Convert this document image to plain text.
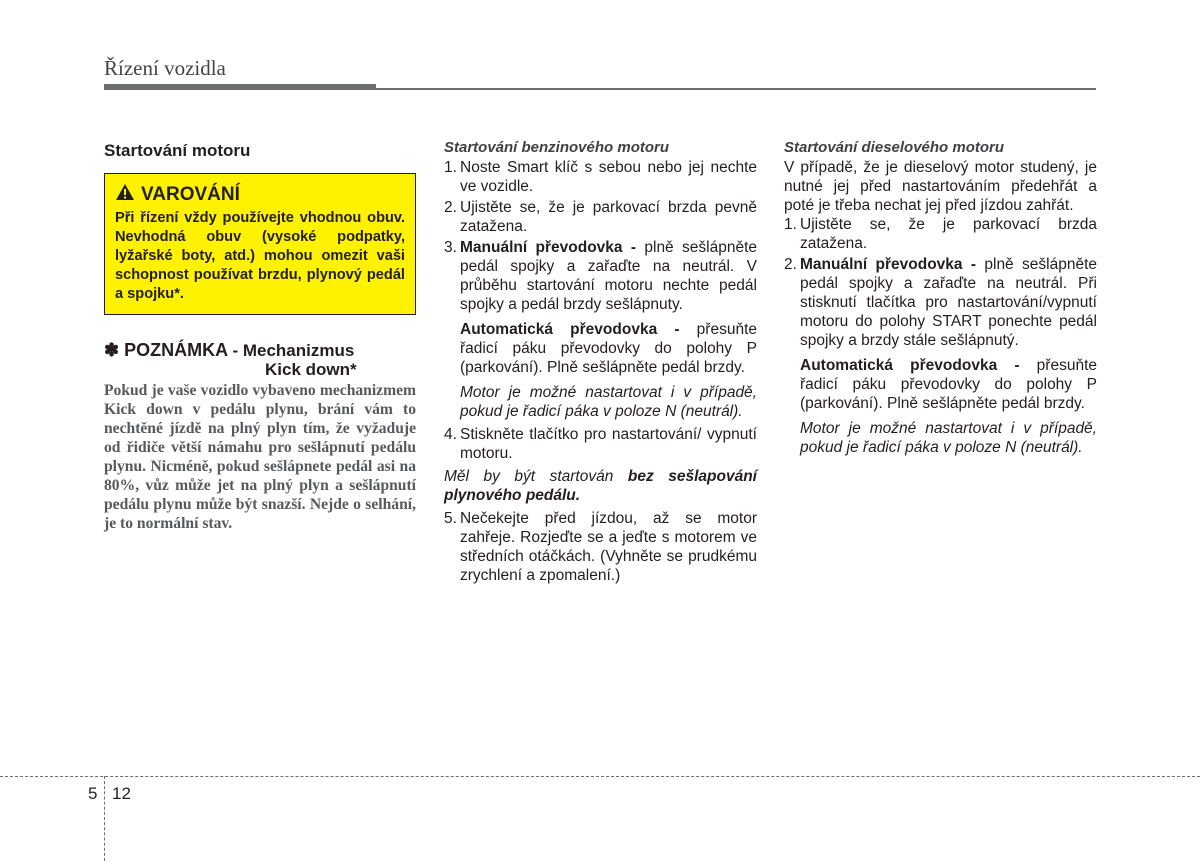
Řízení vozidla
Startování motoru
VAROVÁNÍ
Při řízení vždy používejte vhodnou obuv. Nevhodná obuv (vysoké podpatky, lyžařské boty, atd.) mohou omezit vaši schopnost používat brzdu, plynový pedál a spojku*.
✽ POZNÁMKA - Mechanizmus
Kick down*
Pokud je vaše vozidlo vybaveno mechanizmem Kick down v pedálu plynu, brání vám to nechtěné jízdě na plný plyn tím, že vyžaduje od řidiče větší námahu pro sešlápnutí pedálu plynu. Nicméně, pokud sešlápnete pedál asi na 80%, vůz může jet na plný plyn a sešlápnutí pedálu plynu může být snazší. Nejde o selhání, je to normální stav.
Startování benzinového motoru
1. Noste Smart klíč s sebou nebo jej nechte ve vozidle.
2. Ujistěte se, že je parkovací brzda pevně zatažena.
3. Manuální převodovka - plně sešlápněte pedál spojky a zařaďte na neutrál. V průběhu startování motoru nechte pedál spojky a pedál brzdy sešlápnuty.
Automatická převodovka - přesuňte řadicí páku převodovky do polohy P (parkování). Plně sešlápněte pedál brzdy.
Motor je možné nastartovat i v případě, pokud je řadicí páka v poloze N (neutrál).
4. Stiskněte tlačítko pro nastartování/ vypnutí motoru.
Měl by být startován bez sešlapování plynového pedálu.
5. Nečekejte před jízdou, až se motor zahřeje. Rozjeďte se a jeďte s motorem ve středních otáčkách. (Vyhněte se prudkému zrychlení a zpomalení.)
Startování dieselového motoru
V případě, že je dieselový motor studený, je nutné jej před nastartováním předehřát a poté je třeba nechat jej před jízdou zahřát.
1. Ujistěte se, že je parkovací brzda zatažena.
2. Manuální převodovka - plně sešlápněte pedál spojky a zařaďte na neutrál. Při stisknutí tlačítka pro nastartování/vypnutí motoru do polohy START ponechte pedál spojky a brzdy stále sešlápnutý.
Automatická převodovka - přesuňte řadicí páku převodovky do polohy P (parkování). Plně sešlápněte pedál brzdy.
Motor je možné nastartovat i v případě, pokud je řadicí páka v poloze N (neutrál).
5 12
